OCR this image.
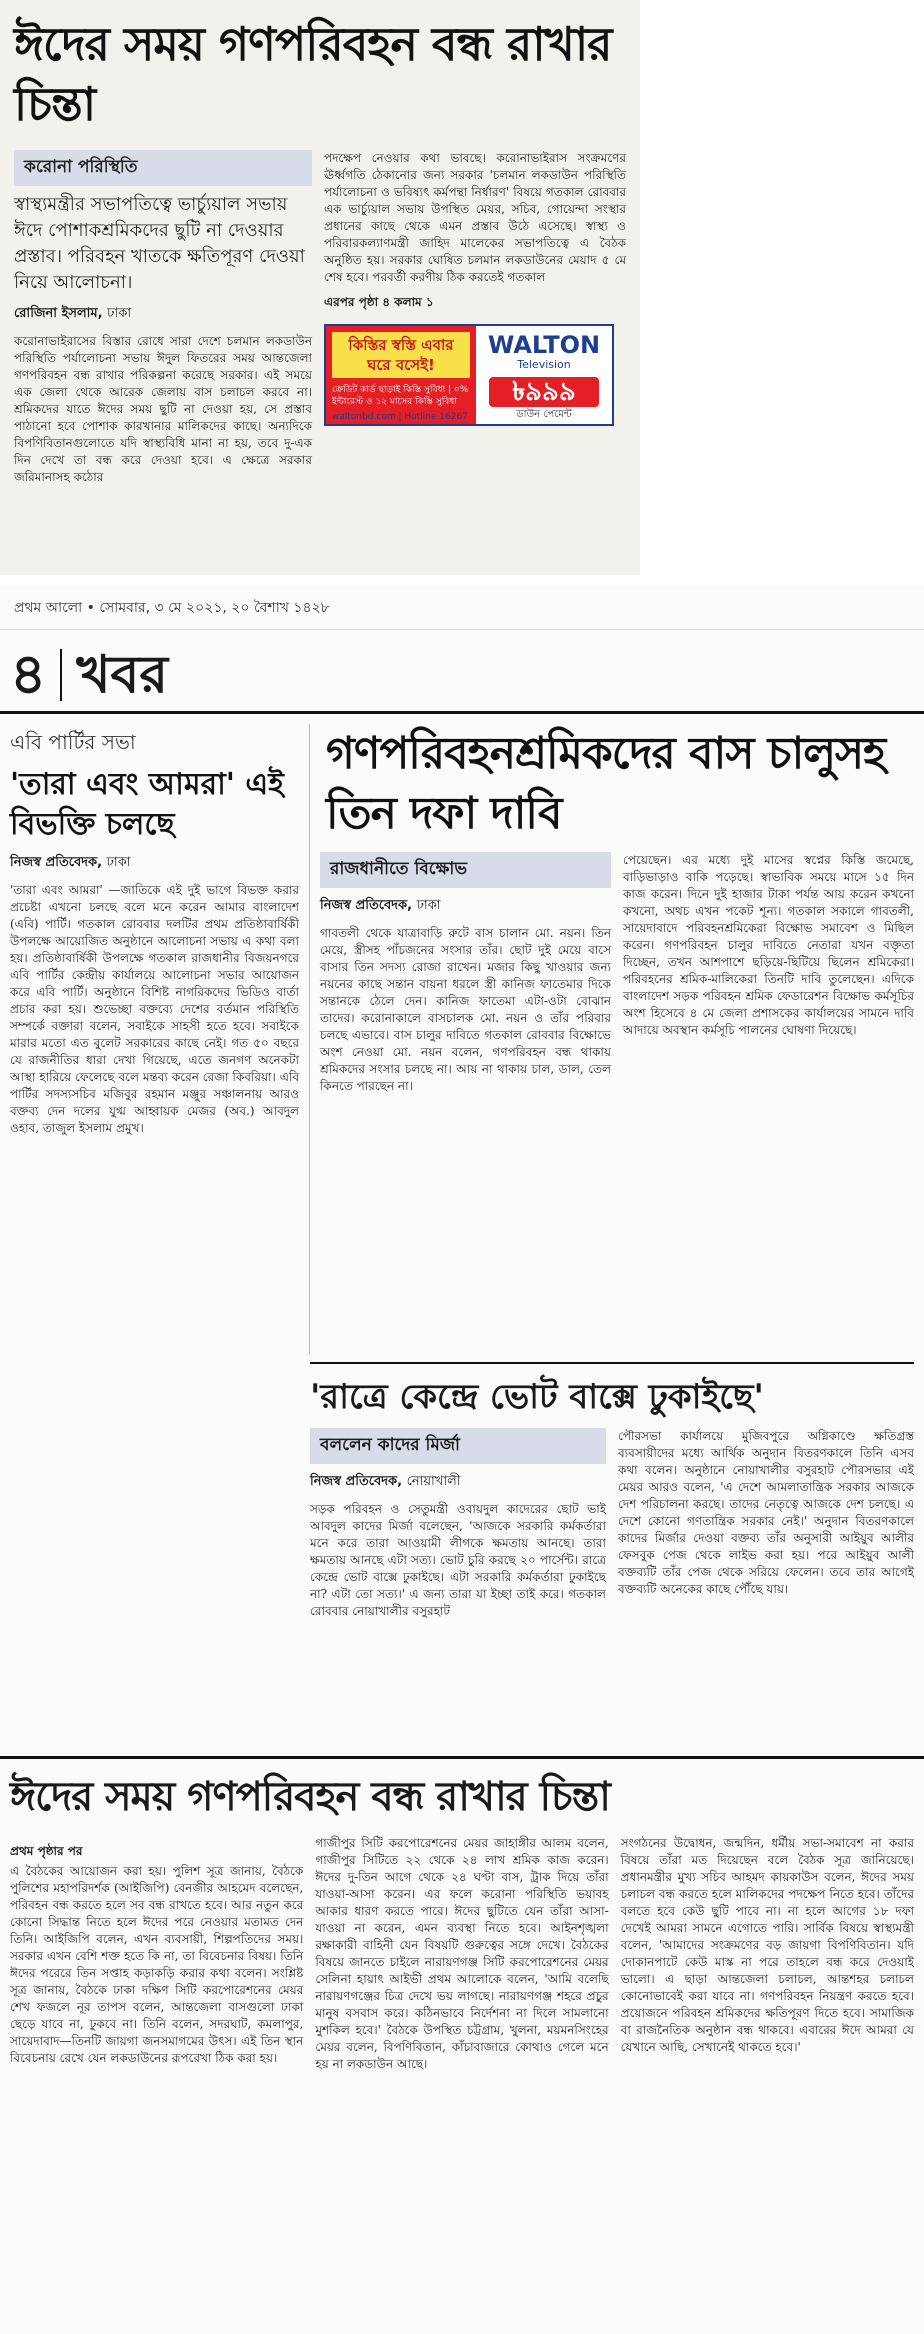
ঈদের সময় গণপরিবহন বন্ধ রাখার চিন্তা
করোনা পরিস্থিতি

স্বাস্থ্যমন্ত্রীর সভাপতিত্বে ভার্চ্যুয়াল সভায় ঈদে পোশাকশ্রমিকদের ছুটি না দেওয়ার প্রস্তাব। পরিবহন খাতকে ক্ষতিপূরণ দেওয়া নিয়ে আলোচনা।

রোজিনা ইসলাম, ঢাকা

করোনাভাইরাসের বিস্তার রোধে সারা দেশে চলমান লকডাউন পরিস্থিতি পর্যালোচনা সভায় ঈদুল ফিতরের সময় আন্তজেলা গণপরিবহন বন্ধ রাখার পরিকল্পনা করেছে সরকার। এই সময়ে এক জেলা থেকে আরেক জেলায় বাস চলাচল করবে না। শ্রমিকদের যাতে ঈদের সময় ছুটি না দেওয়া হয়, সে প্রস্তাব পাঠানো হবে পোশাক কারখানার মালিকদের কাছে। অন্যদিকে বিপণিবিতানগুলোতে যদি স্বাস্থ্যবিধি মানা না হয়, তবে দু-এক দিন দেখে তা বন্ধ করে দেওয়া হবে। এ ক্ষেত্রে সরকার জরিমানাসহ কঠোর

পদক্ষেপ নেওয়ার কথা ভাবছে। করোনাভাইরাস সংক্রমণের ঊর্ধ্বগতি ঠেকানোর জন্য সরকার 'চলমান লকডাউন পরিস্থিতি পর্যালোচনা ও ভবিষ্যৎ কর্মপন্থা নির্ধারণ' বিষয়ে গতকাল রোববার এক ভার্চ্যুয়াল সভায় উপস্থিত মেয়র, সচিব, গোয়েন্দা সংস্থার প্রধানের কাছে থেকে এমন প্রস্তাব উঠে এসেছে। স্বাস্থ্য ও পরিবারকল্যাণমন্ত্রী জাহিদ মালেকের সভাপতিত্বে এ বৈঠক অনুষ্ঠিত হয়। সরকার ঘোষিত চলমান লকডাউনের মেয়াদ ৫ মে শেষ হবে। পরবর্তী করণীয় ঠিক করতেই গতকাল

এরপর পৃষ্ঠা ৪ কলাম ১
কিস্তির স্বস্তি এবার ঘরে বসেই!
ক্রেডিট কার্ড ছাড়াই কিস্তি সুবিধা | ০% ইন্টারেস্ট ও ১২ মাসের কিস্তি সুবিধা
WALTON
Television
৳৯৯৯
ডাউন পেমেন্ট
waltonbd.com | Hotline 16267
প্রথম আলো • সোমবার, ৩ মে ২০২১, ২০ বৈশাখ ১৪২৮
৪ খবর
এবি পার্টির সভা
'তারা এবং আমরা' এই বিভক্তি চলছে
নিজস্ব প্রতিবেদক, ঢাকা

'তারা এবং আমরা' —জাতিকে এই দুই ভাগে বিভক্ত করার প্রচেষ্টা এখনো চলছে বলে মনে করেন আমার বাংলাদেশ (এবি) পার্টি। গতকাল রোববার দলটির প্রথম প্রতিষ্ঠাবার্ষিকী উপলক্ষে আয়োজিত অনুষ্ঠানে আলোচনা সভায় এ কথা বলা হয়। প্রতিষ্ঠাবার্ষিকী উপলক্ষে গতকাল রাজধানীর বিজয়নগরে এবি পার্টির কেন্দ্রীয় কার্যালয়ে আলোচনা সভার আয়োজন করে এবি পার্টি। অনুষ্ঠানে বিশিষ্ট নাগরিকদের ভিডিও বার্তা প্রচার করা হয়। শুভেচ্ছা বক্তব্যে দেশের বর্তমান পরিস্থিতি সম্পর্কে বক্তারা বলেন, সবাইকে সাহসী হতে হবে। সবাইকে মারার মতো এত বুলেট সরকারের কাছে নেই। গত ৫০ বছরে যে রাজনীতির ধারা দেখা গিয়েছে, এতে জনগণ অনেকটা আস্থা হারিয়ে ফেলেছে বলে মন্তব্য করেন রেজা কিবরিয়া। এবি পার্টির সদস্যসচিব মজিবুর রহমান মঞ্জুর সঞ্চালনায় আরও বক্তব্য দেন দলের যুগ্ম আহ্বায়ক মেজর (অব.) আবদুল ওহাব, তাজুল ইসলাম প্রমুখ।

গণপরিবহনশ্রমিকদের বাস চালুসহ তিন দফা দাবি
রাজধানীতে বিক্ষোভ
নিজস্ব প্রতিবেদক, ঢাকা

গাবতলী থেকে যাত্রাবাড়ি রুটে বাস চালান মো. নয়ন। তিন মেয়ে, স্ত্রীসহ পাঁচজনের সংসার তাঁর। ছোট দুই মেয়ে বাসে বাসার তিন সদস্য রোজা রাখেন। মজার কিছু খাওয়ার জন্য নয়নের কাছে সন্তান বায়না ধরলে স্ত্রী কানিজ ফাতেমার দিকে সন্তানকে ঠেলে দেন। কানিজ ফাতেমা এটা-ওটা বোঝান তাদের। করোনাকালে বাসচালক মো. নয়ন ও তাঁর পরিবার চলছে এভাবে। বাস চালুর দাবিতে গতকাল রোববার বিক্ষোভে অংশ নেওয়া মো. নয়ন বলেন, গণপরিবহন বন্ধ থাকায় শ্রমিকদের সংসার চলছে না। আয় না থাকায় চাল, ডাল, তেল কিনতে পারছেন না।

পেয়েছেন। এর মধ্যে দুই মাসের স্বপ্নের কিস্তি জমেছে, বাড়িভাড়াও বাকি পড়েছে। স্বাভাবিক সময়ে মাসে ১৫ দিন কাজ করেন। দিনে দুই হাজার টাকা পর্যন্ত আয় করেন কখনো কখনো, অথচ এখন পকেট শূন্য। গতকাল সকালে গাবতলী, সায়েদাবাদে পরিবহনশ্রমিকেরা বিক্ষোভ সমাবেশ ও মিছিল করেন। গণপরিবহন চালুর দাবিতে নেতারা যখন বক্তৃতা দিচ্ছেন, তখন আশপাশে ছড়িয়ে-ছিটিয়ে ছিলেন শ্রমিকেরা। পরিবহনের শ্রমিক-মালিকেরা তিনটি দাবি তুলেছেন। এদিকে বাংলাদেশ সড়ক পরিবহন শ্রমিক ফেডারেশন বিক্ষোভ কর্মসূচির অংশ হিসেবে ৪ মে জেলা প্রশাসকের কার্যালয়ের সামনে দাবি আদায়ে অবস্থান কর্মসূচি পালনের ঘোষণা দিয়েছে।

'রাত্রে কেন্দ্রে ভোট বাক্সে ঢুকাইছে'
বললেন কাদের মির্জা
নিজস্ব প্রতিবেদক, নোয়াখালী

সড়ক পরিবহন ও সেতুমন্ত্রী ওবায়দুল কাদেরের ছোট ভাই আবদুল কাদের মির্জা বলেছেন, 'আজকে সরকারি কর্মকর্তারা মনে করে তারা আওয়ামী লীগকে ক্ষমতায় আনছে। তারা ক্ষমতায় আনছে এটা সত্য। ভোট চুরি করছে ২০ পার্সেন্ট। রাত্রে কেন্দ্রে ভোট বাক্সে ঢুকাইছে। এটা সরকারি কর্মকর্তারা ঢুকাইছে না? এটা তো সত্য।' এ জন্য তারা যা ইচ্ছা তাই করে। গতকাল রোববার নোয়াখালীর বসুরহাট

পৌরসভা কার্যালয়ে মুজিবপুরে অগ্নিকাণ্ডে ক্ষতিগ্রস্ত ব্যবসায়ীদের মধ্যে আর্থিক অনুদান বিতরণকালে তিনি এসব কথা বলেন। অনুষ্ঠানে নোয়াখালীর বসুরহাট পৌরসভার এই মেয়র আরও বলেন, 'এ দেশে আমলাতান্ত্রিক সরকার আজকে দেশ পরিচালনা করছে। তাদের নেতৃত্বে আজকে দেশ চলছে। এ দেশে কোনো গণতান্ত্রিক সরকার নেই।' অনুদান বিতরণকালে কাদের মির্জার দেওয়া বক্তব্য তাঁর অনুসারী আইয়ুব আলীর ফেসবুক পেজ থেকে লাইভ করা হয়। পরে আইয়ুব আলী বক্তব্যটি তাঁর পেজ থেকে সরিয়ে ফেলেন। তবে তার আগেই বক্তব্যটি অনেকের কাছে পৌঁছে যায়।

ঈদের সময় গণপরিবহন বন্ধ রাখার চিন্তা
প্রথম পৃষ্ঠার পর

এ বৈঠকের আয়োজন করা হয়। পুলিশ সূত্র জানায়, বৈঠকে পুলিশের মহাপরিদর্শক (আইজিপি) বেনজীর আহমেদ বলেছেন, পরিবহন বন্ধ করতে হলে সব বন্ধ রাখতে হবে। আর নতুন করে কোনো সিদ্ধান্ত নিতে হলে ঈদের পরে নেওয়ার মতামত দেন তিনি। আইজিপি বলেন, এখন ব্যবসায়ী, শিল্পপতিদের সময়। সরকার এখন বেশি শক্ত হতে কি না, তা বিবেচনার বিষয়। তিনি ঈদের পরেরে তিন সপ্তাহ কড়াকড়ি করার কথা বলেন। সংশ্লিষ্ট সূত্র জানায়, বৈঠকে ঢাকা দক্ষিণ সিটি করপোরেশনের মেয়র শেখ ফজলে নূর তাপস বলেন, আন্তজেলা বাসগুলো ঢাকা ছেড়ে যাবে না, ঢুকবে না। তিনি বলেন, সদরঘাট, কমলাপুর, সায়েদাবাদ—তিনটি জায়গা জনসমাগমের উৎস। এই তিন স্থান বিবেচনায় রেখে যেন লকডাউনের রূপরেখা ঠিক করা হয়।

গাজীপুর সিটি করপোরেশনের মেয়র জাহাঙ্গীর আলম বলেন, গাজীপুর সিটিতে ২২ থেকে ২৪ লাখ শ্রমিক কাজ করেন। ঈদের দু-তিন আগে থেকে ২৪ ঘণ্টা বাস, ট্রাক দিয়ে তাঁরা যাওয়া-আসা করেন। এর ফলে করোনা পরিস্থিতি ভয়াবহ আকার ধারণ করতে পারে। ঈদের ছুটিতে যেন তাঁরা আসা-যাওয়া না করেন, এমন ব্যবস্থা নিতে হবে। আইনশৃঙ্খলা রক্ষাকারী বাহিনী যেন বিষয়টি গুরুত্বের সঙ্গে দেখে। বৈঠকের বিষয়ে জানতে চাইলে নারায়ণগঞ্জ সিটি করপোরেশনের মেয়র সেলিনা হায়াৎ আইভী প্রথম আলোকে বলেন, 'আমি বলেছি নারায়ণগঞ্জের চিত্র দেখে ভয় লাগছে। নারায়ণগঞ্জ শহরে প্রচুর মানুষ বসবাস করে। কঠিনভাবে নির্দেশনা না দিলে সামলানো মুশকিল হবে।' বৈঠকে উপস্থিত চট্টগ্রাম, খুলনা, ময়মনসিংহের মেয়র বলেন, বিপণিবিতান, কাঁচাবাজারে কোথাও গেলে মনে হয় না লকডাউন আছে।

সংগঠনের উদ্বোধন, জন্মদিন, ধর্মীয় সভা-সমাবেশ না করার বিষয়ে তাঁরা মত দিয়েছেন বলে বৈঠক সূত্র জানিয়েছে। প্রধানমন্ত্রীর মুখ্য সচিব আহমদ কায়কাউস বলেন, ঈদের সময় চলাচল বন্ধ করতে হলে মালিকদের পদক্ষেপ নিতে হবে। তাঁদের বলতে হবে কেউ ছুটি পাবে না। না হলে আগের ১৮ দফা দেখেই আমরা সামনে এগোতে পারি। সার্বিক বিষয়ে স্বাস্থ্যমন্ত্রী বলেন, 'আমাদের সংক্রমণের বড় জায়গা বিপণিবিতান। যদি দোকানপাটে কেউ মাস্ক না পরে তাহলে বন্ধ করে দেওয়াই ভালো। এ ছাড়া আন্তজেলা চলাচল, আন্তশহর চলাচল কোনোভাবেই করা যাবে না। গণপরিবহন নিয়ন্ত্রণ করতে হবে। প্রয়োজনে পরিবহন শ্রমিকদের ক্ষতিপূরণ দিতে হবে। সামাজিক বা রাজনৈতিক অনুষ্ঠান বন্ধ থাকবে। এবারের ঈদে আমরা যে যেখানে আছি, সেখানেই থাকতে হবে।'
